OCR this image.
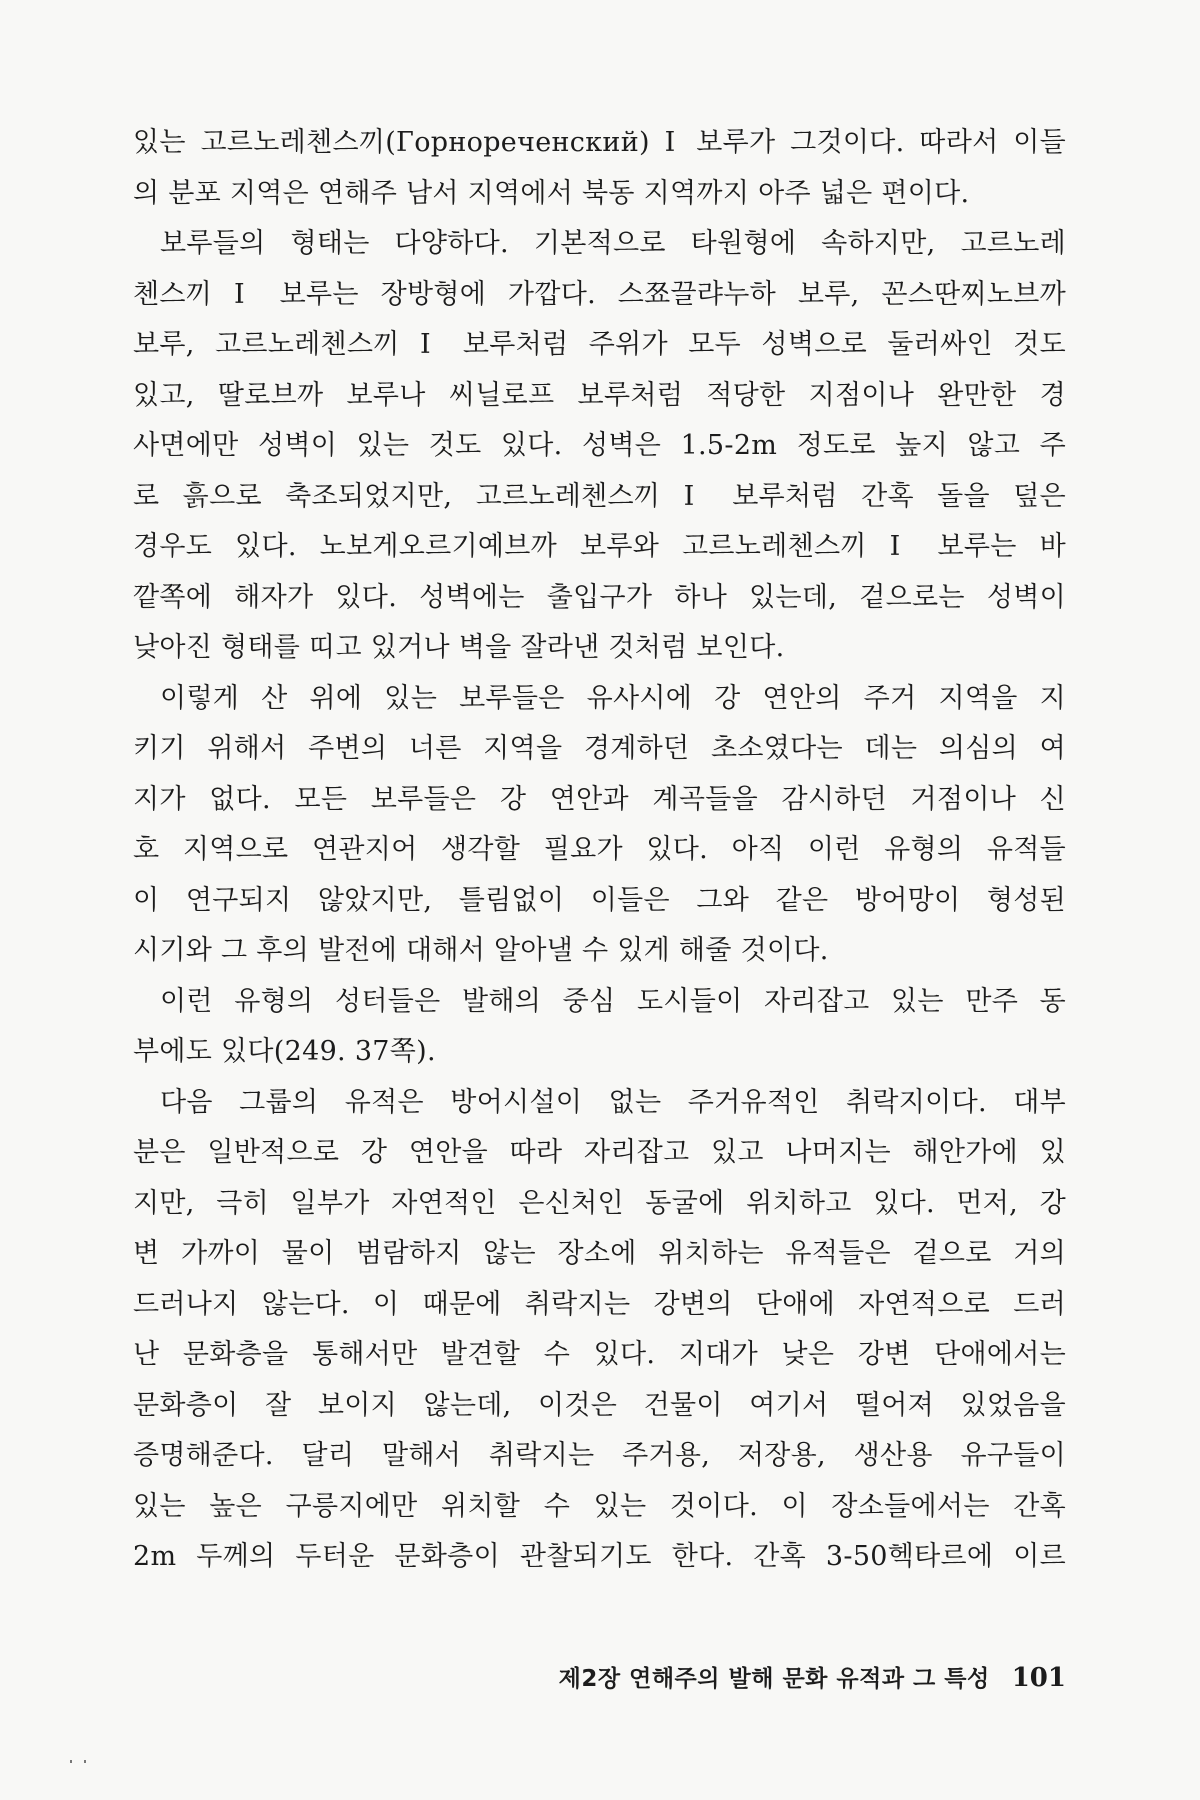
있는 고르노레첸스끼(Горнореченский) Ⅰ 보루가 그것이다. 따라서 이들
의 분포 지역은 연해주 남서 지역에서 북동 지역까지 아주 넓은 편이다.
보루들의 형태는 다양하다. 기본적으로 타원형에 속하지만, 고르노레
첸스끼 Ⅰ 보루는 장방형에 가깝다. 스쬬끌랴누하 보루, 꼰스딴찌노브까
보루, 고르노레첸스끼 Ⅰ 보루처럼 주위가 모두 성벽으로 둘러싸인 것도
있고, 딸로브까 보루나 씨닐로프 보루처럼 적당한 지점이나 완만한 경
사면에만 성벽이 있는 것도 있다. 성벽은 1.5-2m 정도로 높지 않고 주
로 흙으로 축조되었지만, 고르노레첸스끼 Ⅰ 보루처럼 간혹 돌을 덮은
경우도 있다. 노보게오르기예브까 보루와 고르노레첸스끼 Ⅰ 보루는 바
깥쪽에 해자가 있다. 성벽에는 출입구가 하나 있는데, 겉으로는 성벽이
낮아진 형태를 띠고 있거나 벽을 잘라낸 것처럼 보인다.
이렇게 산 위에 있는 보루들은 유사시에 강 연안의 주거 지역을 지
키기 위해서 주변의 너른 지역을 경계하던 초소였다는 데는 의심의 여
지가 없다. 모든 보루들은 강 연안과 계곡들을 감시하던 거점이나 신
호 지역으로 연관지어 생각할 필요가 있다. 아직 이런 유형의 유적들
이 연구되지 않았지만, 틀림없이 이들은 그와 같은 방어망이 형성된
시기와 그 후의 발전에 대해서 알아낼 수 있게 해줄 것이다.
이런 유형의 성터들은 발해의 중심 도시들이 자리잡고 있는 만주 동
부에도 있다(249. 37쪽).
다음 그룹의 유적은 방어시설이 없는 주거유적인 취락지이다. 대부
분은 일반적으로 강 연안을 따라 자리잡고 있고 나머지는 해안가에 있
지만, 극히 일부가 자연적인 은신처인 동굴에 위치하고 있다. 먼저, 강
변 가까이 물이 범람하지 않는 장소에 위치하는 유적들은 겉으로 거의
드러나지 않는다. 이 때문에 취락지는 강변의 단애에 자연적으로 드러
난 문화층을 통해서만 발견할 수 있다. 지대가 낮은 강변 단애에서는
문화층이 잘 보이지 않는데, 이것은 건물이 여기서 떨어져 있었음을
증명해준다. 달리 말해서 취락지는 주거용, 저장용, 생산용 유구들이
있는 높은 구릉지에만 위치할 수 있는 것이다. 이 장소들에서는 간혹
2m 두께의 두터운 문화층이 관찰되기도 한다. 간혹 3-50헥타르에 이르
제2장 연해주의 발해 문화 유적과 그 특성 101
